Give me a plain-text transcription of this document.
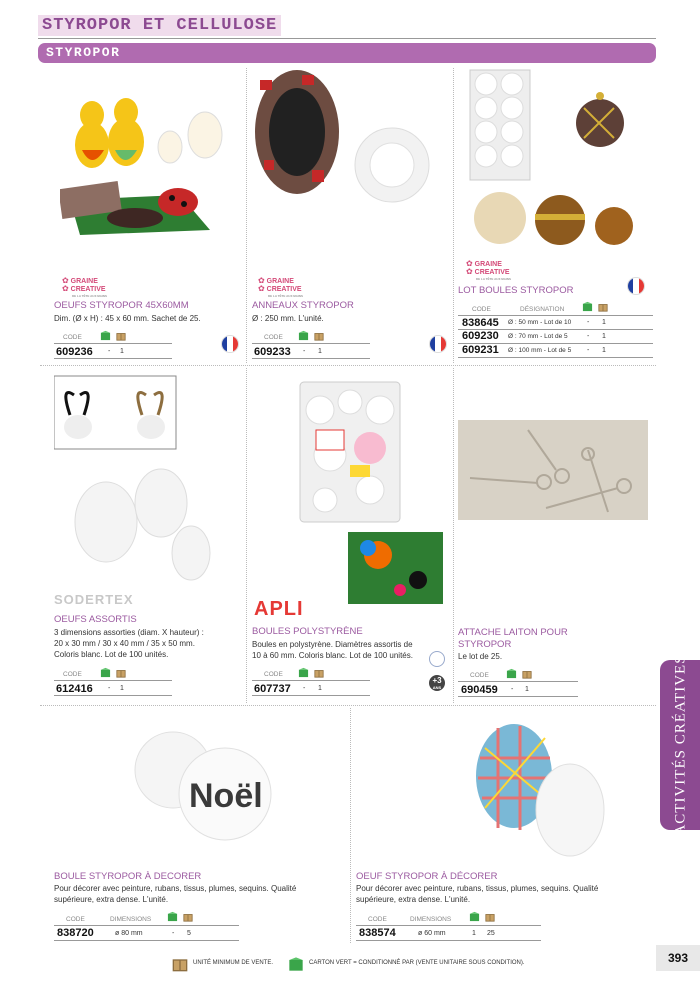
STYROPOR ET CELLULOSE
STYROPOR
✿ GRAINE
✿ CREATIVE
DE LA TÊTE AUX MAINS
OEUFS STYROPOR 45X60MM
Dim. (Ø x H) : 45 x 60 mm. Sachet de 25.
CODE
609236 - 1
✿ GRAINE
✿ CREATIVE
DE LA TÊTE AUX MAINS
ANNEAUX STYROPOR
Ø : 250 mm. L'unité.
CODE
609233 - 1
✿ GRAINE
✿ CREATIVE
DE LA TÊTE AUX MAINS
LOT BOULES STYROPOR
CODE	DÉSIGNATION
838645 Ø : 50 mm - Lot de 10 - 1
609230 Ø : 70 mm - Lot de 5	- 1
609231 Ø : 100 mm - Lot de 5 - 1
SODERTEX
OEUFS ASSORTIS
3 dimensions assorties (diam. X hauteur) :
20 x 30 mm / 30 x 40 mm / 35 x 50 mm.
Coloris blanc. Lot de 100 unités.
CODE
612416 - 1
APLI
BOULES POLYSTYRÈNE
Boules en polystyrène. Diamètres assortis de
10 à 60 mm. Coloris blanc. Lot de 100 unités.
+3
ANS
CODE
607737 - 1
ATTACHE LAITON POUR
STYROPOR
Le lot de 25.
CODE
690459 - 1
Noël
BOULE STYROPOR À DECORER
Pour décorer avec peinture, rubans, tissus, plumes, sequins. Qualité
supérieure, extra dense. L'unité.
CODE	DIMENSIONS
838720	ø 80 mm	- 5
OEUF STYROPOR À DÉCORER
Pour décorer avec peinture, rubans, tissus, plumes, sequins. Qualité
supérieure, extra dense. L'unité.
CODE	DIMENSIONS
838574	ø 60 mm	1 25
ACTIVITÉS CRÉATIVES
UNITÉ MINIMUM DE VENTE.	CARTON VERT = CONDITIONNÉ PAR (VENTE UNITAIRE SOUS CONDITION).	393
